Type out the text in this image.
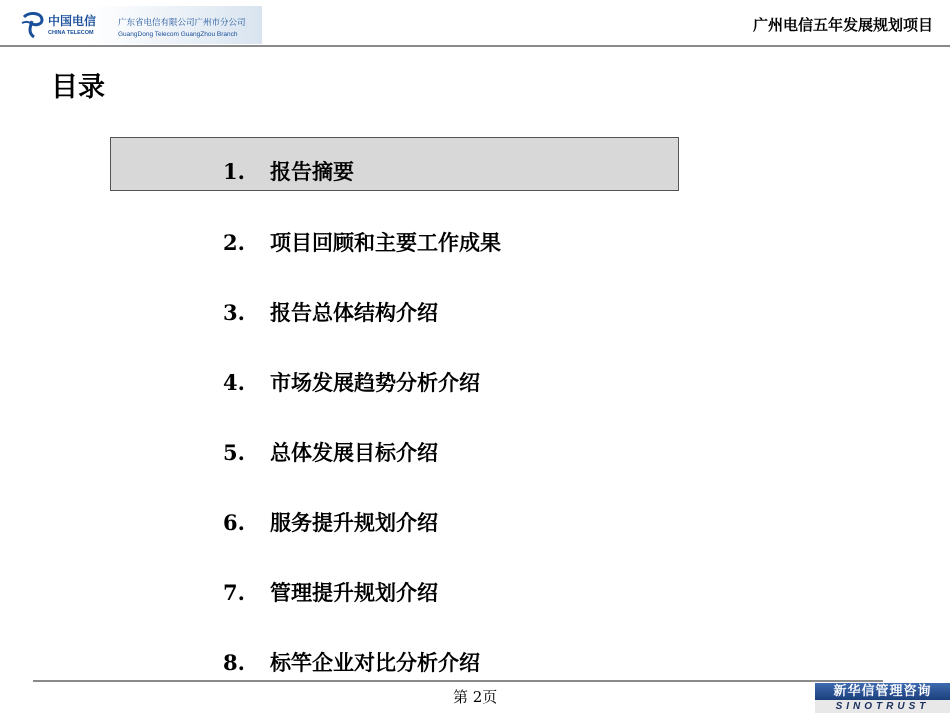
中国电信
CHINA TELECOM
广东省电信有限公司广州市分公司
GuangDong Telecom GuangZhou Branch
广州电信五年发展规划项目
目录
1. 报告摘要
2. 项目回顾和主要工作成果
3. 报告总体结构介绍
4. 市场发展趋势分析介绍
5. 总体发展目标介绍
6. 服务提升规划介绍
7. 管理提升规划介绍
8. 标竿企业对比分析介绍
第 2页	新华信管理咨询
SINOTRUST
